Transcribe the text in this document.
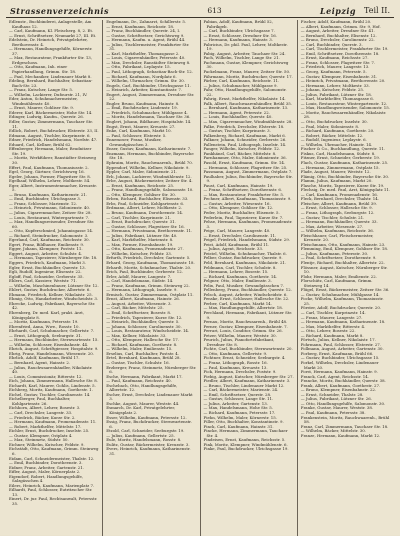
Strassenverzeichnis	613	Leipzig Teil II.
Edlenstr., Buchbinderei, Anlagestelle, Am Kaufhaus 12.
— Carl, Kaufmann, Kl. Fleischerg. 8, 2. Et.
— Ernst, Schriftsetzer, Neumarkt 27, III. Et.
Edelstein, Dr. Heinrich, Privatgelehrter, Beethovenstr. 4.
— Hermann, Handlungsgehilfe, Körnerstr. 37.
— Max, Restaurateur, Frankfurter Str. 13, Erdgeschoss.
— Otto, Kaufmann, Inh. einer Papierhandlung, Grimm. Str. 18.
— Paul, Mechaniker, Lindenauer Markt 8.
Edeling, Bernhard, Buchhalter, Sebastian-Bach-Str. 23.
— Franz, Kutscher, Lange Str. 5.
— Wilhelm, Lackierer, Dufourstr. 21, IV.
Eder, Anton, Schuhmachermeister, Windmühlenstr. 40.
— Ernst, Maurer, Gohliser Str. 9.
Ederer, Karl, Bäckermeister, Hohe Str. 14.
Edinger, Ludwig, Kaufm., Querstr. 26.
Edler, Gustav, Zimmermann, Tauchaer Str. 11.
Edlich, Robert, Buchdrucker, Elsterstr. 33, II.
Edmann, August, Tischler, Kurprinzstr. 6.
Edner, Friedrich, Handelsmann, Nordstr. 47.
Eduard, Carl, Kellner, Brühl 62.
Effenberger, Hermann, Maler, Reudnitzer Str. 19.
— Moritz, Werkführer, Ranstädter Steinweg 30.
Effert, Paul, Kaufmann, Thomasiusstr. 2.
Egel, Georg, Gärtner, Gerichtsweg 16.
Egeler, Johann, Former, Plagwitzer Str. 8.
Egelhaaf, Wilhelm, Lehrer, Moltkestr. 54.
Eger, Albert, Instrumentenmacher, Kreuzstr. 5.
— Bruno, Kaufmann, Katharinenstr. 21.
— Emil, Buchbinder, Ulrichsgasse 3.
— Franz, Schlosser, Marienstr. 12.
— Heinrich, Privatmann, Sidonienstr. 40.
— Julius, Cigarrenmacher, Zeitzer Str. 28.
— Louis, Restaurant, Wintergartenstr. 7.
— Max, Handlungsreisender, Dresdner Str. 60.
— Otto, Kupferschmied, Johannisgasse 14.
— Richard, Steindrucker, Salomonstr. 3.
Egerland, Carl, Kaufmann, Reichsstr. 30.
Egert, Franz, Bildhauer, Emilienstr. 9.
Egger, Johann, Klempner, Poststr. 11.
Eggert, August, Arbeiter, Schulstr. 4.
— Hermann, Tapezierer, Nürnberger Str. 18.
Eggers, Friedrich, Kaufmann, Markt 3.
Egler, Ernst, Buchhändler, Querstr. 13.
Egli, Rudolf, Ingenieur, Elisenstr. 22.
Egloff, Paul, Schneider, Gerberstr. 35.
Ehlers, Carl, Kassirer, Weststr. 71.
— Wilhelm, Maschinenbauer, Lützner Str. 12.
Ehlert, Gustav, Buchdrucker, Albertstr. 6.
Ehmann, Friedrich, Kellner, Nikolaistr. 25.
Ehmig, Otto, Handarbeiter, Windscheidstr. 3.
Ehrecke, Ludwig, Fabrikant, Bayersche Str. 42.
Ehrenberg, Dr. med. Karl, prakt. Arzt, Königsplatz 8.
— Moritz, Kaufmann, Petersstr. 19.
Ehrenfried, Anna, Wwe., Rosstr. 10.
Ehrhardt, Carl, Schuhmacher, Gellertstr. 7.
— Ernst, Lithograph, Seeburgstr. 31.
— Hermann, Buchbinder, Sternwartenstr. 15.
— Wilhelm, Schlosser, Eisenbahnstr. 44.
Ehrich, August, Schriftgiesser, Hospitalstr. 9.
Ehrig, Franz, Handelsmann, Wiesenstr. 20.
Ehrlich, Adolf, Kaufmann, Brühl 17.
— Bernhard, Agent, Hainstr. 2.
— Julius, Rauchwaarenhändler, Nikolaistr. 40.
— Louis, Commissionär, Ritterstr. 12.
Eich, Johann, Zimmermann, Hallesche Str. 8.
Eichardt, Karl, Maurer, Gohlis, Lindenstr. 5.
Eichberg, Moritz, Kaufmann, Goethestr. 1.
Eichel, Gustav, Tischler, Carolinenstr. 14.
Eichelberger, Paul, Buchhalter, Kohlgartenstr. 26.
Eichhorn, Albert, Lehrer, Bosestr. 3.
— Carl, Drechsler, Langestr. 33.
— Friedrich, Bäcker, Kurze Str. 2.
— Hermann, Kaufmann, Promenadenstr. 11.
— Robert, Markthelfer, Mittelstr. 17.
Eichler, Ernst, Buchdrucker, Inselstr. 25.
— Gustav, Klempner, Ostplatz 4.
— Max, Steinmetz, Südstr. 50.
Eichner, Wilhelm, Kutscher, Feldstr. 9.
Eichstädt, Otto, Kaufmann, Grimm. Steinweg 6.
Eidam, Carl, Schneidermeister, Thalstr. 12.
— Emil, Buchbinder, Dorotheenstr. 3.
Eidner, Franz, Arbeiter, Gartenstr. 21.
Eifler, August, Maler, Körnerplatz 2.
Eigendorf, Robert, Handlungsgehilfe, Salzgässchen 4.
Eilers, Heinrich, Kaufmann, Marienplatz 7.
Eilhardt, Paul, Schlosser, Eutritzscher Str. 13.
Einert, Dr. jur. Paul, Rechtsanwalt, Petersstr. 35.
Engelmann, Dr., Zahnarzt, Schillerstr. 5.
— Ernst, Kaufmann, Reichsstr. 18.
— Franz, Buchhändler, Querstr. 24, I.
— Gustav, Schriftsetzer, Gerichtsweg 9.
— Hermann, Kaufm. u. Agent, Brühl 44.
— Julius, Tischlermeister, Frankfurter Str. 31.
— Karl, Markthelfer, Thomasgasse 2.
— Louis, Cigarrenhändler, Petersstr. 40.
— Max, Drechsler, Ranstädter Steinweg 8.
— Otto, Fabrikant, Leplaystr. 15.
— Paul, Lithograph, Sebastian-Bach-Str. 12.
— Richard, Kaufmann, Nordplatz 6.
— Wilhelm, Uhrmacher, Grimm. Str. 30.
Engels, Carl, Buchbinder, Ulrichsgasse 11.
— Heinrich, Arbeiter, Konstantinstr. 7.
Engert, August, Zimmermann, Dresdner Str. 22.
Engler, Bruno, Kaufmann, Hainstr. 8.
— Emil, Buchdrucker, Lindenstr. 19.
— Friedrich, Schuhmacher, Mühlgasse 4.
— Moritz, Handelsmann, Tauchaer Str. 36.
Englert, Johann, Bildhauer, Hospitalstr. 14.
Engst, Ernst, Maurer, Kreuzstr. 27.
Enke, Carl, Kaufmann, Markt 10.
— Paul, Schlosser, Elsterstr. 5.
Ennemoser, Franz, Musiker, Gewandgässchen 3.
Enser, Gustav, Kaufmann, Katharinenstr. 7.
Enzmann, Hermann, Buchbinder, Bayersche Str. 18.
Ephraim, Moritz, Rauchwaarenh., Brühl 70.
Eppendorf, Wilhelm, Kellner, Nikolaistr. 9.
Eppler, Carl, Maler, Sidonienstr. 21.
Erb, Johann, Lackierer, Windmühlenstr. 12.
Erbe, August, Bäckermeister, Zeitzer Str. 4.
— Ernst, Kaufmann, Reichsstr. 25.
— Franz, Handlungsgehilfe, Salomonstr. 10.
— Otto, Klempner, Gohliser Str. 30.
Erben, Richard, Buchhalter, Elisenstr. 33.
Erbs, Paul, Schneider, Kohlgartenstr. 6.
Erdmann, Albert, Lehrer, Moltkestr. 2.
— Bruno, Kaufmann, Dorotheenstr. 14.
— Carl, Tischler, Kurprinzstr. 21.
— Ernst, Buchdrucker, Querstr. 31.
— Gustav, Schlosser, Plagwitzer Str. 16.
— Hermann, Privatmann, Beethovenstr. 11.
— Julius, Fabrikant, Lützner Str. 40.
— Karl, Markthelfer, Marienstr. 8.
— Max, Former, Eisenbahnstr. 19.
— Otto, Kaufmann, Promenadenstr. 27.
— Wilhelm, Kutscher, Feldstr. 33.
Erfurth, Friedrich, Drechsler, Gartenstr. 5.
Erhard, Georg, Kaufmann, Thomasiusstr. 18.
Erhardt, Moritz, Schuhmacher, Thalstr. 20.
Erich, Paul, Buchbinder, Gerberstr. 12.
Erler, Adolf, Maurer, Langestr. 7.
— Carl, Handelsmann, Südstr. 14.
— Franz, Kaufmann, Grimm. Steinweg 22.
— Hermann, Lithograph, Inselstr. 9.
Ermisch, Gustav, Zimmermann, Ostplatz 11.
Ernst, Albert, Kaufmann, Hainstr. 26.
— August, Arbeiter, Wiesenstr. 3.
— Carl, Bäcker, Mittelstr. 25.
— Emil, Schriftsetzer, Bosestr. 8.
— Friedrich, Tapezierer, Kurze Str. 12.
— Heinrich, Buchhändler, Querstr. 5.
— Johann, Schlosser, Carolinenstr. 30.
— Louis, Restaurateur, Windscheidstr. 14.
— Max, Kellner, Nikolaistr. 33.
— Otto, Klempner, Hallesche Str. 17.
— Richard, Kaufmann, Goethestr. 8.
— Wilhelm, Maler, Emilienstr. 15.
Erselius, Carl, Buchhalter, Poststr. 4.
Ertel, Bernhard, Kaufmann, Brühl 28.
— Gustav, Tischler, Schulstr. 16.
Erzberger, Franz, Steinmetz, Nürnberger Str. 6.
Esche, Hermann, Fabrikant, Markt 17.
— Paul, Kaufmann, Reichsstr. 40.
Eschebach, Otto, Handlungsgehilfe, Albertstr. 12.
Escher, Ernst, Drechsler, Lindenauer Markt 3.
Eschke, August, Maurer, Weststr. 44.
Esmarch, Dr. Karl, Privatgelehrter, Königsplatz 2.
Esser, Wilhelm, Kaufmann, Petersstr. 12.
Essig, Franz, Buchdrucker, Sternwartenstr. 6.
Etzold, Carl, Schneider, Seeburgstr. 19.
— Julius, Kaufmann, Gellertstr. 25.
Eule, Moritz, Handelsmann, Rosstr. 8.
Eulitz, Gustav, Bäckermeister, Kreuzstr. 3.
Evers, Heinrich, Kaufmann, Katharinenstr. 31.
Fabian, Adolf, Kaufmann, Brühl 52, Fabrikgeb.
— Carl, Buchbinder, Ulrichsgasse 7.
— Ernst, Schlosser, Dresdner Str. 16.
— Hermann, Kaufmann, Hainstr. 3.
Fabricius, Dr. phil. Paul, Lehrer, Moltkestr. 19.
Fabig, August, Arbeiter, Tauchaer Str. 24.
Fach, Wilhelm, Tischler, Lange Str. 21.
Fachmann, Gustav, Klempner, Gerichtsweg 30.
Fackelmann, Franz, Maurer, Zeitzer Str. 50.
Fährmann, Moritz, Buchdrucker, Querstr. 17.
Färber, Carl, Kaufmann, Reichsstr. 11.
— Julius, Schuhmacher, Mühlgasse 9.
Fahr, Otto, Handlungsgehilfe, Salomonstr. 22.
Fahrig, Ernst, Markthelfer, Nikolaistr. 14.
Falk, Albert, Rauchwaarenhändler, Brühl 35.
— Bernhard, Kaufmann, Katharinenstr. 13.
— Hermann, Agent, Petersstr. 22.
— Louis, Buchhändler, Querstr. 40.
— Max, Cigarrenmacher, Windmühlenstr. 28.
Falke, Friedrich, Drechsler, Elsterstr. 18.
— Gustav, Tischler, Kurprinzstr. 3.
Falkenberg, Richard, Kaufmann, Markt 6.
Falkner, Johann, Schneider, Gerberstr. 26.
Fallenstein, Paul, Lithograph, Inselstr. 14.
Fanger, Wilhelm, Kutscher, Feldstr. 12.
Fankhänel, Carl, Bäcker, Mittelstr. 8.
Farnhammer, Otto, Maler, Sidonienstr. 36.
Fasold, Ernst, Kaufmann, Grimm. Str. 14.
— Hermann, Schlosser, Plagwitzer Str. 25.
Fassmann, August, Zimmermann, Ostplatz 7.
Faulhaber, Julius, Buchbinder, Bayersche Str. 9.
Faust, Carl, Kaufmann, Hainstr. 19.
— Franz, Schriftsetzer, Dorotheenstr. 6.
— Max, Restaurateur, Frankfurter Str. 5.
Fechner, Albert, Kaufmann, Thomasiusstr. 9.
— Gustav, Arbeiter, Wiesenstr. 16.
— Otto, Klempner, Gohliser Str. 12.
Feder, Moritz, Buchhalter, Elisenstr. 5.
Federlein, Paul, Tapezierer, Kurze Str. 7.
Fehse, Hermann, Kaufmann, Promenadenstr. 3.
Feige, Carl, Maurer, Langestr. 40.
— Ernst, Drechsler, Carolinenstr. 11.
Feigel, Friedrich, Handelsmann, Südstr. 29.
Feist, Adolf, Kaufmann, Brühl 11.
— Julius, Agent, Reichsstr. 33.
Feistel, Wilhelm, Schuhmacher, Thalstr. 6.
Felber, Gustav, Buchdrucker, Querstr. 9.
Feld, Bernhard, Kaufmann, Nikolaistr. 21.
Feldmann, Carl, Tischler, Schulstr. 8.
— Hermann, Lehrer, Bosestr. 15.
— Richard, Kaufmann, Goethestr. 14.
Felgner, Otto, Maler, Emilienstr. 3.
Felix, Paul, Musiker, Gewandgässchen 7.
Fellenberg, Franz, Buchhändler, Querstr. 12.
Felsch, August, Arbeiter, Windscheidstr. 6.
Fenske, Ernst, Schlosser, Hallesche Str. 22.
Ferber, Carl, Kaufmann, Markt 14.
— Max, Handlungsgehilfe, Albertstr. 18.
Ferchland, Hermann, Fabrikant, Lützner Str. 9.
Fernau, Moritz, Rauchwaarenh., Brühl 48.
Ferner, Gustav, Klempner, Eisenbahnstr. 7.
Ferrari, Louis, Conditor, Grimm. Str. 26.
Fetzer, Wilhelm, Maurer, Weststr. 30.
Feurich, Julius, Pianofortefabrikant, Dresdner Str. 8.
Fichte, Carl, Buchbinder, Sternwartenstr. 20.
— Otto, Kaufmann, Gellertstr. 9.
Fichtner, Ernst, Schneider, Seeburgstr. 4.
— Franz, Lithograph, Rosstr. 16.
— Paul, Kaufmann, Kreuzstr. 13.
Fick, Hermann, Drechsler, Poststr. 9.
Fiebig, August, Kutscher, Nürnberger Str. 27.
Fiedler, Albert, Kaufmann, Katharinenstr. 3.
— Bruno, Tischler, Lindenauer Markt 12.
— Carl, Bäckermeister, Marienstr. 24.
— Emil, Schriftsetzer, Querstr. 28.
— Gustav, Schlosser, Lange Str. 11.
— Julius, Arbeiter, Gartenstr. 13.
— Max, Handelsmann, Hohe Str. 5.
— Richard, Kaufmann, Petersstr. 17.
Fiehn, Wilhelm, Maler, Körnerstr. 15.
Filler, Otto, Buchhalter, Konstantinstr. 9.
Finck, Carl, Kaufmann, Hainstr. 31.
Fincke, Hermann, Zimmermann, Tauchaer Str. 4.
Findeisen, Ernst, Kaufmann, Reichsstr. 5.
Fink, Moritz, Klempner, Windmühlenstr. 6.
Finke, Paul, Buchdrucker, Ulrichsgasse 19.
Fischer, Adolf, Kaufmann, Brühl 20.
— Albert, Kaufmann, Grimm. Str. 9, Hof.
— August, Arbeiter, Dresdner Str. 41.
— Bernhard, Buchhalter, Elisenstr. 12.
— Bruno, Drechsler, Carolinenstr. 22.
— Carl, Buchbinder, Querstr. 3.
— Carl, Tischlermeister, Frankfurter Str. 19.
— Emil, Schriftsetzer, Dorotheenstr. 18.
— Ernst, Kaufmann, Reichsstr. 27.
— Franz, Schlosser, Plagwitzer Str. 7.
— Friedrich, Maurer, Langestr. 13.
— Georg, Kaufmann, Petersstr. 5.
— Gustav, Klempner, Eisenbahnstr. 31.
— Heinrich, Privatmann, Beethovenstr. 20.
— Hermann, Lehrer, Moltkestr. 33.
— Johann, Kutscher, Feldstr. 25.
— Julius, Fabrikant, Lützner Str. 18.
— Karl, Markthelfer, Thomasgasse 6.
— Louis, Restaurateur, Wintergartenstr. 12.
— Max, Handlungsreisender, Salomonstr. 15.
— Moritz, Rauchwaarenhändler, Nikolaistr. 28.
— Otto, Buchdrucker, Inselstr. 30.
— Paul, Maler, Sidonienstr. 8.
— Richard, Kaufmann, Goethestr. 20.
— Robert, Bäcker, Mittelstr. 12.
— Rudolf, Ingenieur, Leplaystr. 6.
— Wilhelm, Uhrmacher, Hainstr. 14.
Fischer & Co., Buchhandlung, Querstr. 11.
Fiskus, Carl, Handelsmann, Südstr. 8.
Fitzner, Ernst, Schneider, Gerberstr. 19.
Flach, Gustav, Kaufmann, Katharinenstr. 25.
— Hermann, Zimmermann, Ostplatz 15.
Flade, August, Maurer, Weststr. 12.
Flämig, Otto, Buchbinder, Bayersche Str. 30.
Flamm, Julius, Kaufmann, Markt 20.
Flasche, Moritz, Tapezierer, Kurze Str. 19.
Flechsig, Dr. med. Paul, Arzt, Königsplatz 11.
— Carl, Kaufmann, Promenadenstr. 16.
Fleck, Bernhard, Drechsler, Thalstr. 14.
Fleischer, Albert, Kaufmann, Brühl 39.
— Ernst, Schlosser, Hallesche Str. 9.
— Franz, Lithograph, Seeburgstr. 12.
— Gustav, Tischler, Schulstr. 21.
— Hermann, Buchhändler, Querstr. 33.
— Max, Arbeiter, Wiesenstr. 27.
— Wilhelm, Kaufmann, Reichsstr. 36.
Fleischhauer, Carl, Fleischermeister, Kreuzstr. 20.
Fleischmann, Otto, Kaufmann, Hainstr. 23.
Flemming, Emil, Klempner, Gohliser Str. 18.
— Julius, Kaufmann, Petersstr. 30.
— Paul, Schriftsetzer, Dorotheenstr. 9.
Flentje, Richard, Buchhalter, Albertstr. 22.
Flössner, August, Kutscher, Nürnberger Str. 10.
Flohr, Hermann, Maler, Emilienstr. 22.
Florschütz, Carl, Kaufmann, Grimm. Steinweg 14.
Flügel, Ernst, Bäckermeister, Zeitzer Str. 36.
— Gustav, Schuhmacher, Mühlgasse 14.
Focke, Wilhelm, Kaufmann, Thomasiusstr. 25.
Förster, Adolf, Buchdrucker, Querstr. 20.
— Carl, Tischler, Kurprinzstr. 14.
— Franz, Maurer, Langestr. 27.
— Hermann, Kaufmann, Katharinenstr. 18.
— Max, Markthelfer, Ritterstr. 4.
— Otto, Lehrer, Bosestr. 22.
— Richard, Kaufmann, Markt 8.
Förtsch, Julius, Kellner, Nikolaistr. 17.
Fohrmann, Paul, Schlosser, Elsterstr. 27.
Follmann, August, Arbeiter, Gartenstr. 30.
Forberg, Ernst, Kaufmann, Brühl 66.
— Gustav, Buchbinder, Ulrichsgasse 15.
Forkel, Wilhelm, Drechsler, Lindenauer Markt 20.
Forst, Hermann, Kaufmann, Hainstr. 9.
Franck, Carl, Agent, Reichsstr. 14.
Francke, Moritz, Buchhändler, Querstr. 38.
Frank, Albert, Kaufmann, Goethestr. 27.
— Bruno, Klempner, Eisenbahnstr. 22.
— Ernst, Schneider, Thalstr. 28.
— Julius, Fabrikant, Lützner Str. 26.
— Otto, Handlungsgehilfe, Salomonstr. 30.
Franke, Gustav, Maurer, Weststr. 38.
— Paul, Kaufmann, Petersstr. 38.
Frankenstein, Moritz, Rauchwaarenh., Brühl 58.
Franz, Carl, Zimmermann, Tauchaer Str. 18.
— Wilhelm, Bäcker, Mittelstr. 30.
Franze, Hermann, Kaufmann, Markt 12.
